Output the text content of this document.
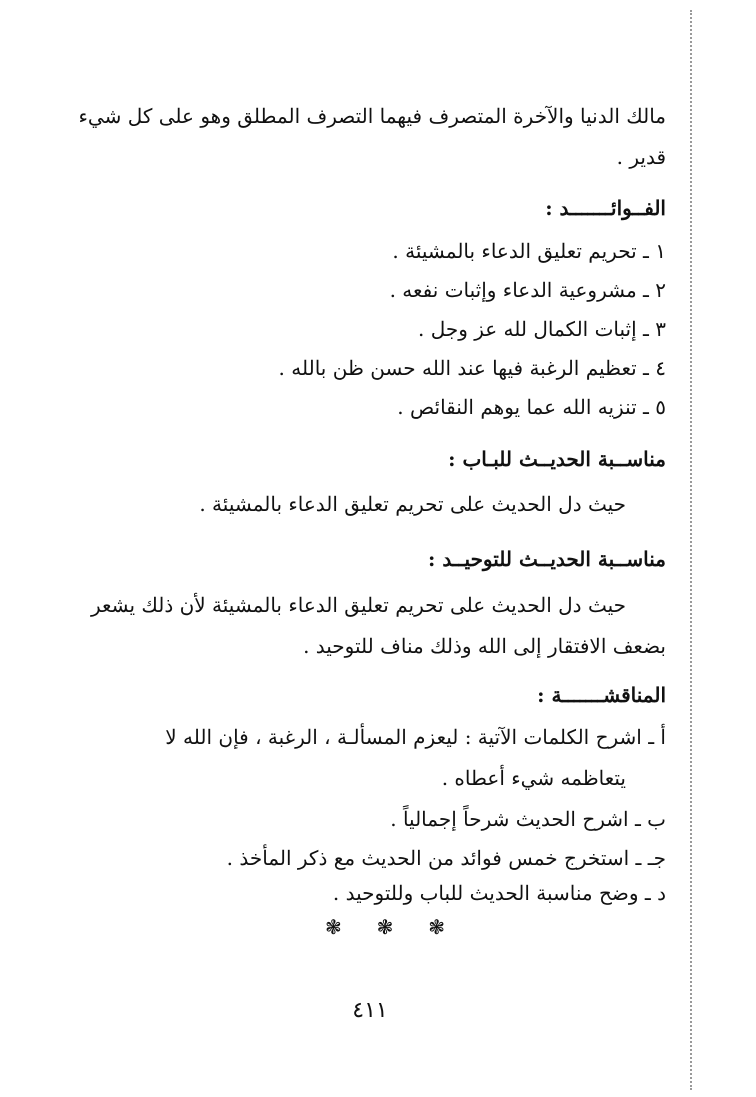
مالك الدنيا والآخرة المتصرف فيهما التصرف المطلق وهو على كل شيء
قدير .
الفــوائـــــــد :
١ ـ تحريم تعليق الدعاء بالمشيئة .
٢ ـ مشروعية الدعاء وإثبات نفعه .
٣ ـ إثبات الكمال لله عز وجل .
٤ ـ تعظيم الرغبة فيها عند الله حسن ظن بالله .
٥ ـ تنزيه الله عما يوهم النقائص .
مناســبة الحديــث للبـاب :
حيث دل الحديث على تحريم تعليق الدعاء بالمشيئة .
مناســبة الحديــث للتوحيــد :
حيث دل الحديث على تحريم تعليق الدعاء بالمشيئة لأن ذلك يشعر
بضعف الافتقار إلى الله وذلك مناف للتوحيد .
المناقشـــــــة :
أ ـ اشرح الكلمات الآتية : ليعزم المسألـة ، الرغبة ، فإن الله لا
يتعاظمه شيء أعطاه .
ب ـ اشرح الحديث شرحاً إجمالياً .
جـ ـ استخرج خمس فوائد من الحديث مع ذكر المأخذ .
د ـ وضح مناسبة الحديث للباب وللتوحيد .
❃ ❃ ❃
٤١١
